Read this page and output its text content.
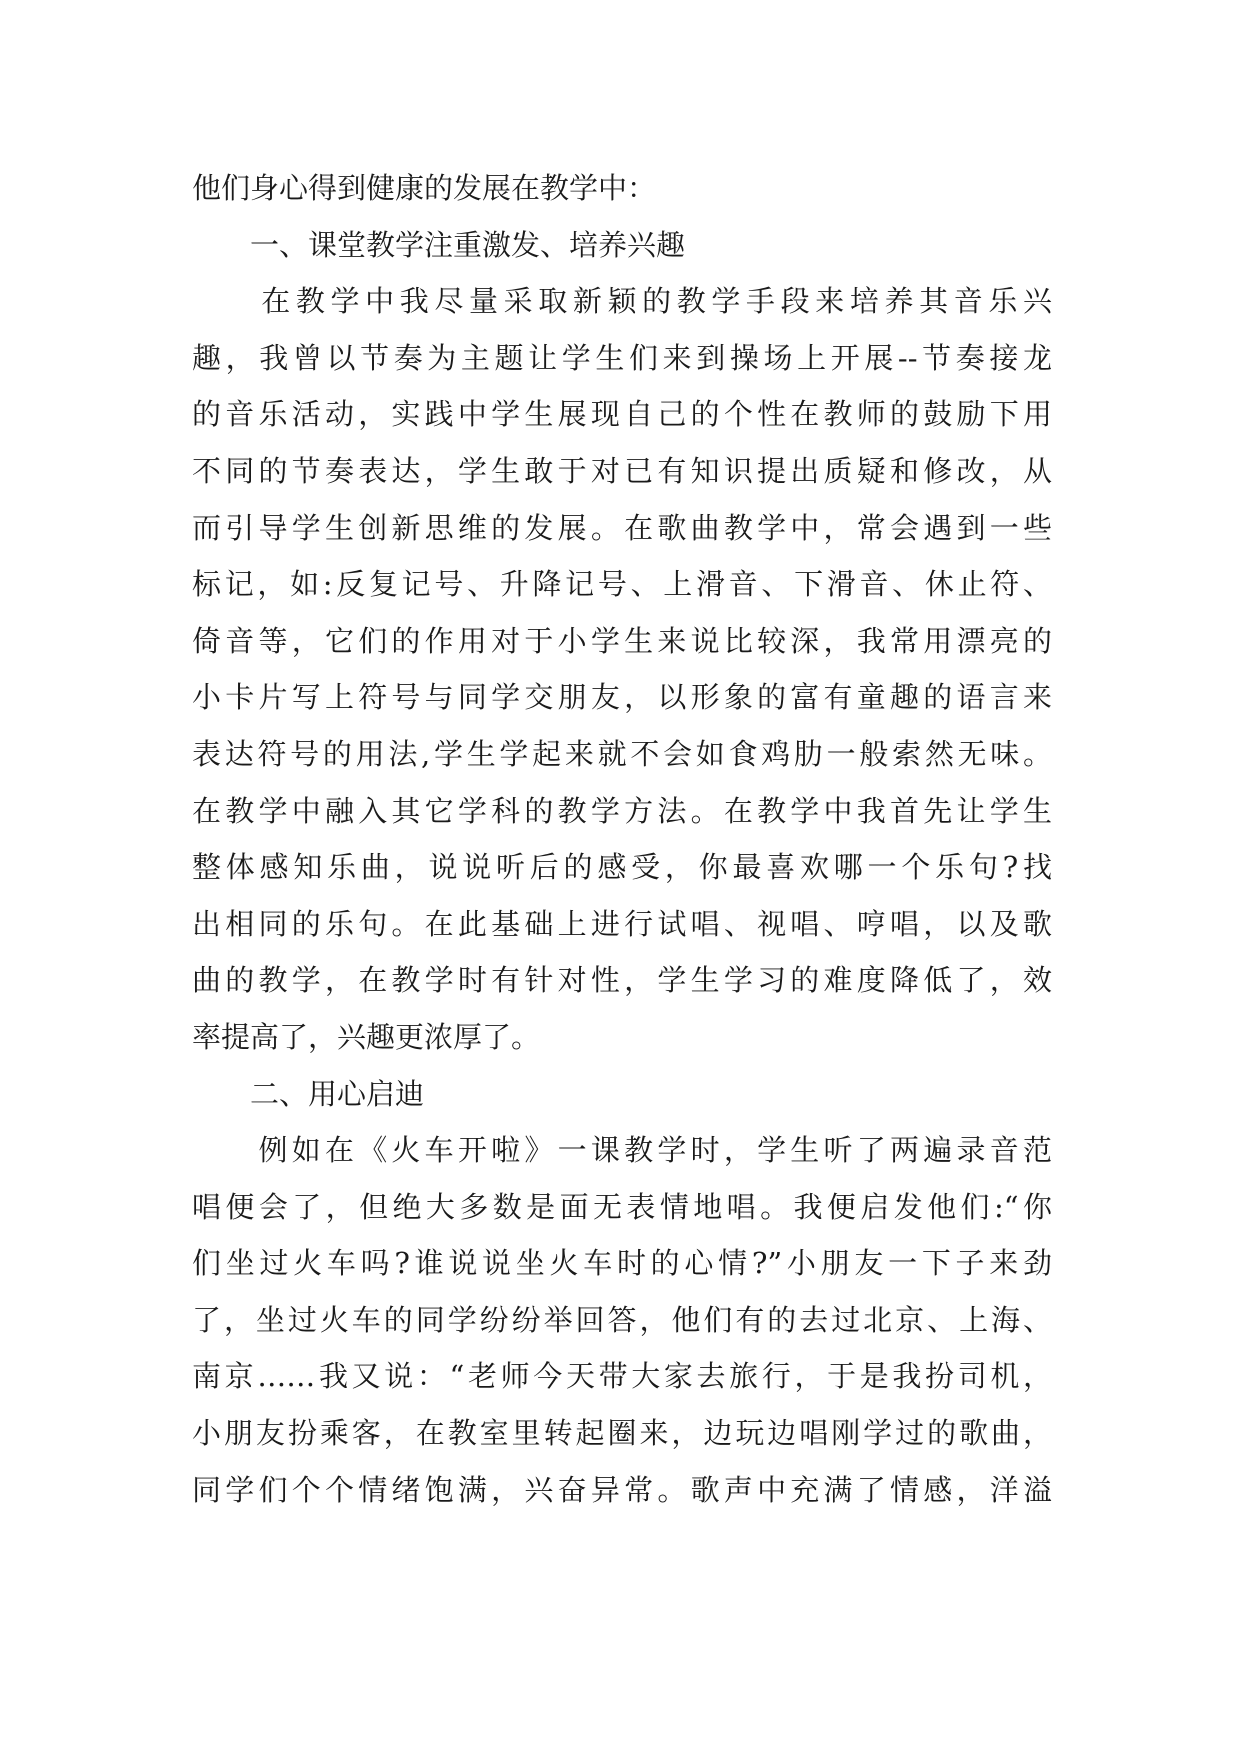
他们身心得到健康的发展在教学中：
　　一、课堂教学注重激发、培养兴趣
　　在教学中我尽量采取新颖的教学手段来培养其音乐兴
趣，我曾以节奏为主题让学生们来到操场上开展--节奏接龙
的音乐活动，实践中学生展现自己的个性在教师的鼓励下用
不同的节奏表达，学生敢于对已有知识提出质疑和修改，从
而引导学生创新思维的发展。在歌曲教学中，常会遇到一些
标记，如:反复记号、升降记号、上滑音、下滑音、休止符、
倚音等，它们的作用对于小学生来说比较深，我常用漂亮的
小卡片写上符号与同学交朋友，以形象的富有童趣的语言来
表达符号的用法,学生学起来就不会如食鸡肋一般索然无味。
在教学中融入其它学科的教学方法。在教学中我首先让学生
整体感知乐曲，说说听后的感受，你最喜欢哪一个乐句?找
出相同的乐句。在此基础上进行试唱、视唱、哼唱，以及歌
曲的教学，在教学时有针对性，学生学习的难度降低了，效
率提高了，兴趣更浓厚了。
　　二、用心启迪
　　例如在《火车开啦》一课教学时，学生听了两遍录音范
唱便会了，但绝大多数是面无表情地唱。我便启发他们:“你
们坐过火车吗?谁说说坐火车时的心情?”小朋友一下子来劲
了，坐过火车的同学纷纷举回答，他们有的去过北京、上海、
南京……我又说：“老师今天带大家去旅行，于是我扮司机，
小朋友扮乘客，在教室里转起圈来，边玩边唱刚学过的歌曲，
同学们个个情绪饱满，兴奋异常。歌声中充满了情感，洋溢
